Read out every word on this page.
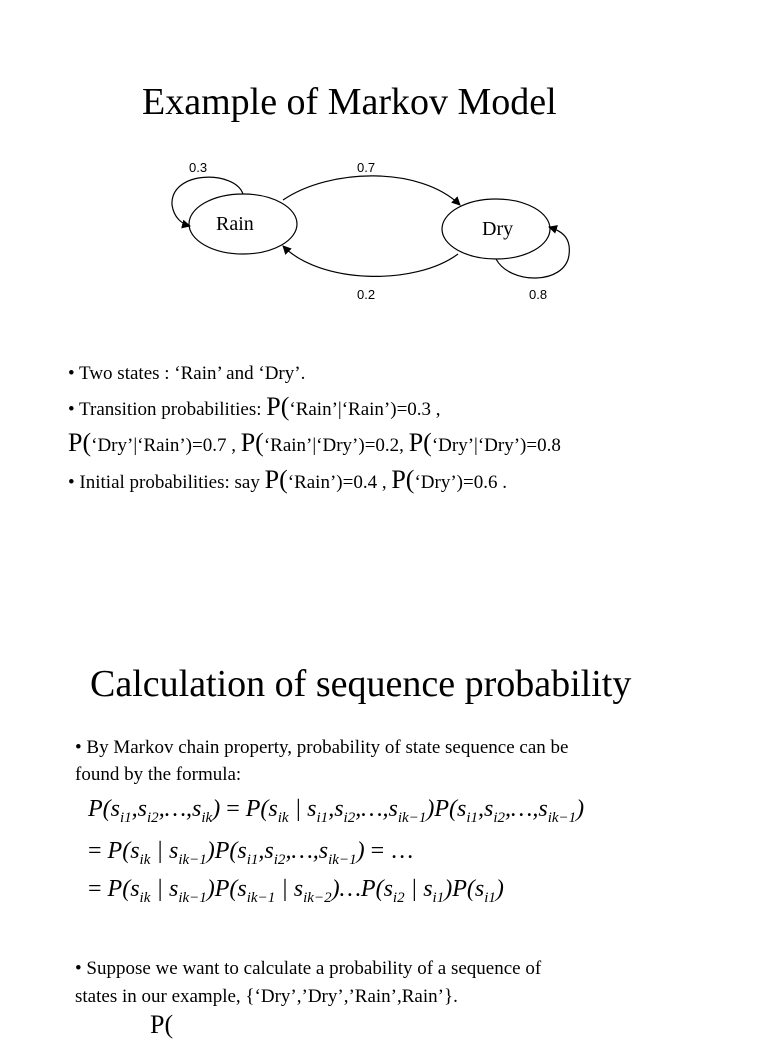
Example of Markov Model
Rain	Dry
0.3	0.7
0.2	0.8
• Two states : ‘Rain’ and ‘Dry’.
• Transition probabilities: P(‘Rain’|‘Rain’)=0.3 ,
P(‘Dry’|‘Rain’)=0.7 , P(‘Rain’|‘Dry’)=0.2, P(‘Dry’|‘Dry’)=0.8
• Initial probabilities: say P(‘Rain’)=0.4 , P(‘Dry’)=0.6 .
Calculation of sequence probability
• By Markov chain property, probability of state sequence can be
found by the formula:
$P(s_{i1},s_{i2},\dots,s_{ik}) = P(s_{ik}$ | $s_{i1},s_{i2},\dots,s_{ik-1})P(s_{i1},s_{i2},\dots,s_{ik-1})$
= $P(s_{ik}$ | $s_{ik-1})P(s_{i1},s_{i2},\dots,s_{ik-1})$ = …
= $P(s_{ik}$ | $s_{ik-1})P(s_{ik-1}$ | $s_{ik-2})\dots P(s_{i2}$ | $s_{i1})P(s_{i1})$
• Suppose we want to calculate a probability of a sequence of
states in our example, {‘Dry’,’Dry’,’Rain’,Rain’}.
P(
